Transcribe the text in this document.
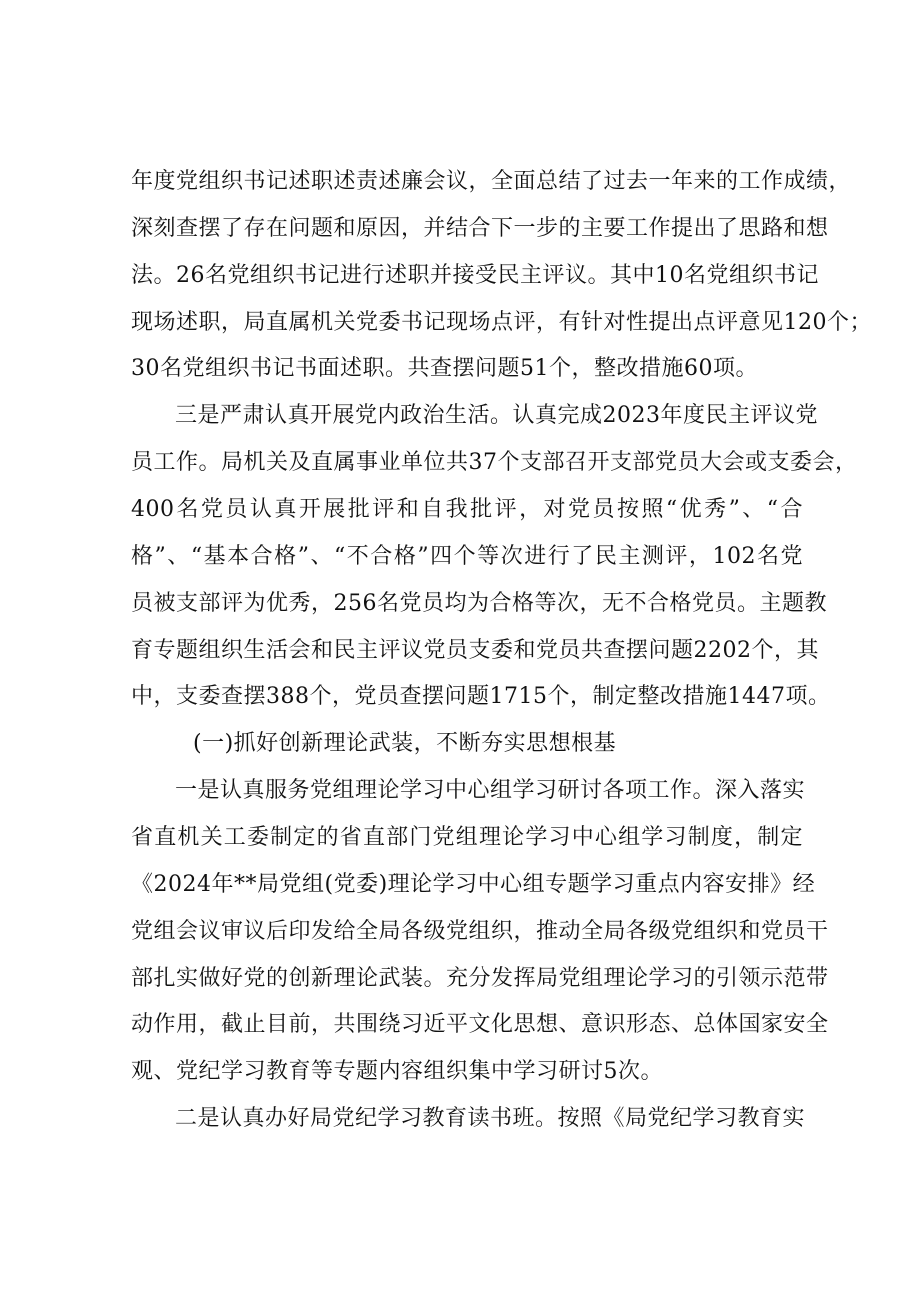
年度党组织书记述职述责述廉会议，全面总结了过去一年来的工作成绩，
深刻查摆了存在问题和原因，并结合下一步的主要工作提出了思路和想
法。26名党组织书记进行述职并接受民主评议。其中10名党组织书记
现场述职，局直属机关党委书记现场点评，有针对性提出点评意见120个；
30名党组织书记书面述职。共查摆问题51个，整改措施60项。
三是严肃认真开展党内政治生活。认真完成2023年度民主评议党
员工作。局机关及直属事业单位共37个支部召开支部党员大会或支委会，
400名党员认真开展批评和自我批评，对党员按照“优秀”、“合
格”、“基本合格”、“不合格”四个等次进行了民主测评，102名党
员被支部评为优秀，256名党员均为合格等次，无不合格党员。主题教
育专题组织生活会和民主评议党员支委和党员共查摆问题2202个，其
中，支委查摆388个，党员查摆问题1715个，制定整改措施1447项。
(一)抓好创新理论武装，不断夯实思想根基
一是认真服务党组理论学习中心组学习研讨各项工作。深入落实
省直机关工委制定的省直部门党组理论学习中心组学习制度，制定
《2024年**局党组(党委)理论学习中心组专题学习重点内容安排》经
党组会议审议后印发给全局各级党组织，推动全局各级党组织和党员干
部扎实做好党的创新理论武装。充分发挥局党组理论学习的引领示范带
动作用，截止目前，共围绕习近平文化思想、意识形态、总体国家安全
观、党纪学习教育等专题内容组织集中学习研讨5次。
二是认真办好局党纪学习教育读书班。按照《局党纪学习教育实
